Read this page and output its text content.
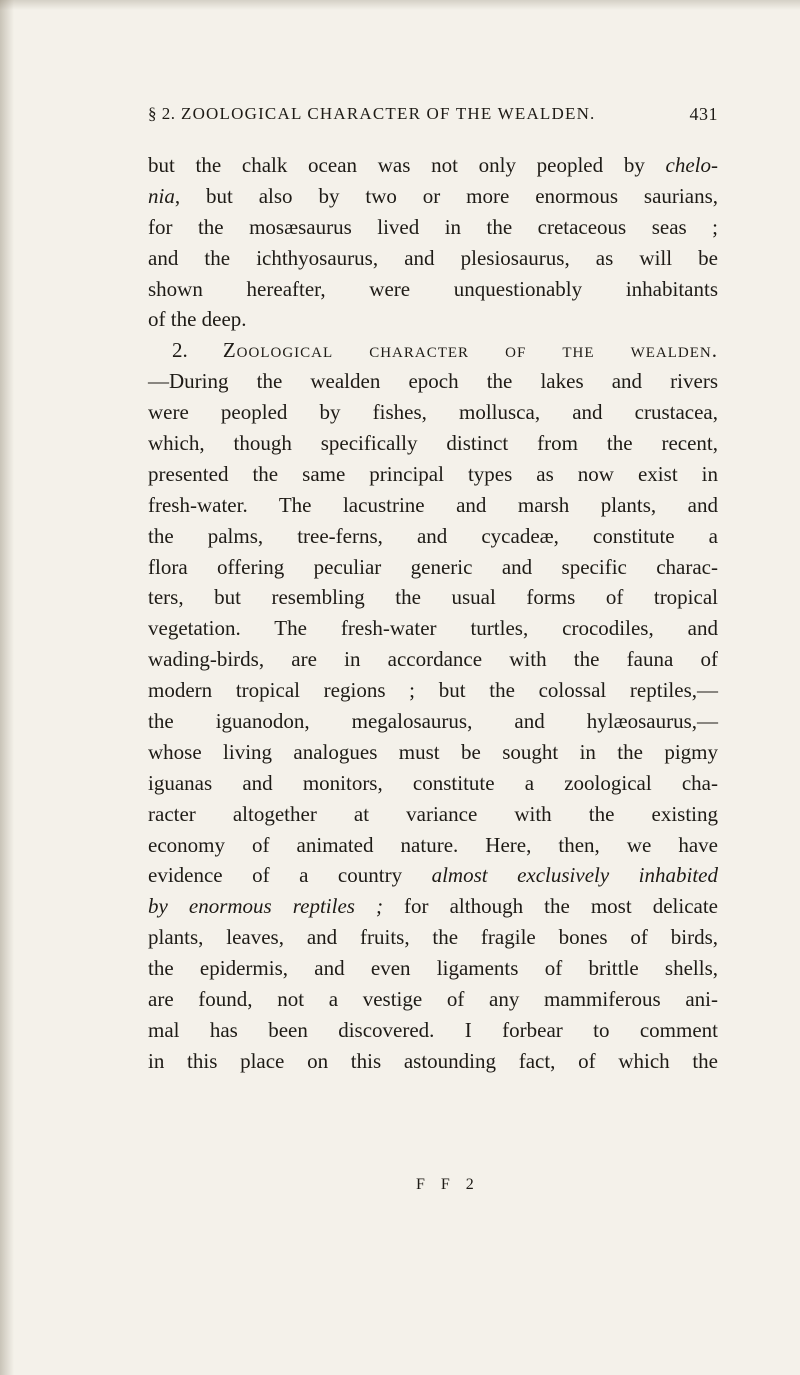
§ 2. ZOOLOGICAL CHARACTER OF THE WEALDEN.	431
but the chalk ocean was not only peopled by chelo-
nia, but also by two or more enormous saurians,
for the mosæsaurus lived in the cretaceous seas ;
and the ichthyosaurus, and plesiosaurus, as will be
shown hereafter, were unquestionably inhabitants
of the deep.
2. Zoological character of the wealden.
—During the wealden epoch the lakes and rivers
were peopled by fishes, mollusca, and crustacea,
which, though specifically distinct from the recent,
presented the same principal types as now exist in
fresh-water. The lacustrine and marsh plants, and
the palms, tree-ferns, and cycadeæ, constitute a
flora offering peculiar generic and specific charac-
ters, but resembling the usual forms of tropical
vegetation. The fresh-water turtles, crocodiles, and
wading-birds, are in accordance with the fauna of
modern tropical regions ; but the colossal reptiles,—
the iguanodon, megalosaurus, and hylæosaurus,—
whose living analogues must be sought in the pigmy
iguanas and monitors, constitute a zoological cha-
racter altogether at variance with the existing
economy of animated nature. Here, then, we have
evidence of a country almost exclusively inhabited
by enormous reptiles ; for although the most delicate
plants, leaves, and fruits, the fragile bones of birds,
the epidermis, and even ligaments of brittle shells,
are found, not a vestige of any mammiferous ani-
mal has been discovered. I forbear to comment
in this place on this astounding fact, of which the
F F 2
